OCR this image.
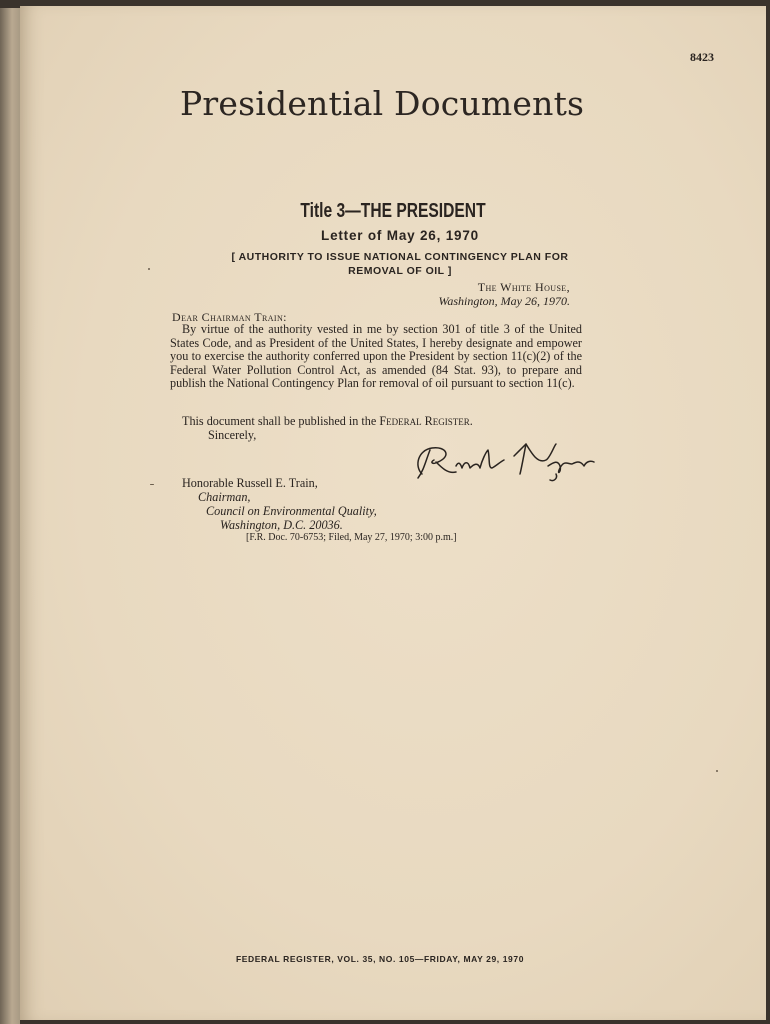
8423
Presidential Documents
Title 3—THE PRESIDENT
Letter of May 26, 1970
[ AUTHORITY TO ISSUE NATIONAL CONTINGENCY PLAN FOR
REMOVAL OF OIL ]
The White House,
Washington, May 26, 1970.
Dear Chairman Train:
By virtue of the authority vested in me by section 301 of title 3 of the United States Code, and as President of the United States, I hereby designate and empower you to exercise the authority conferred upon the President by section 11(c)(2) of the Federal Water Pollution Control Act, as amended (84 Stat. 93), to prepare and publish the National Contingency Plan for removal of oil pursuant to section 11(c).
This document shall be published in the Federal Register.
Sincerely,
Honorable Russell E. Train,
Chairman,
Council on Environmental Quality,
Washington, D.C. 20036.
[F.R. Doc. 70-6753; Filed, May 27, 1970; 3:00 p.m.]
FEDERAL REGISTER, VOL. 35, NO. 105—FRIDAY, MAY 29, 1970
